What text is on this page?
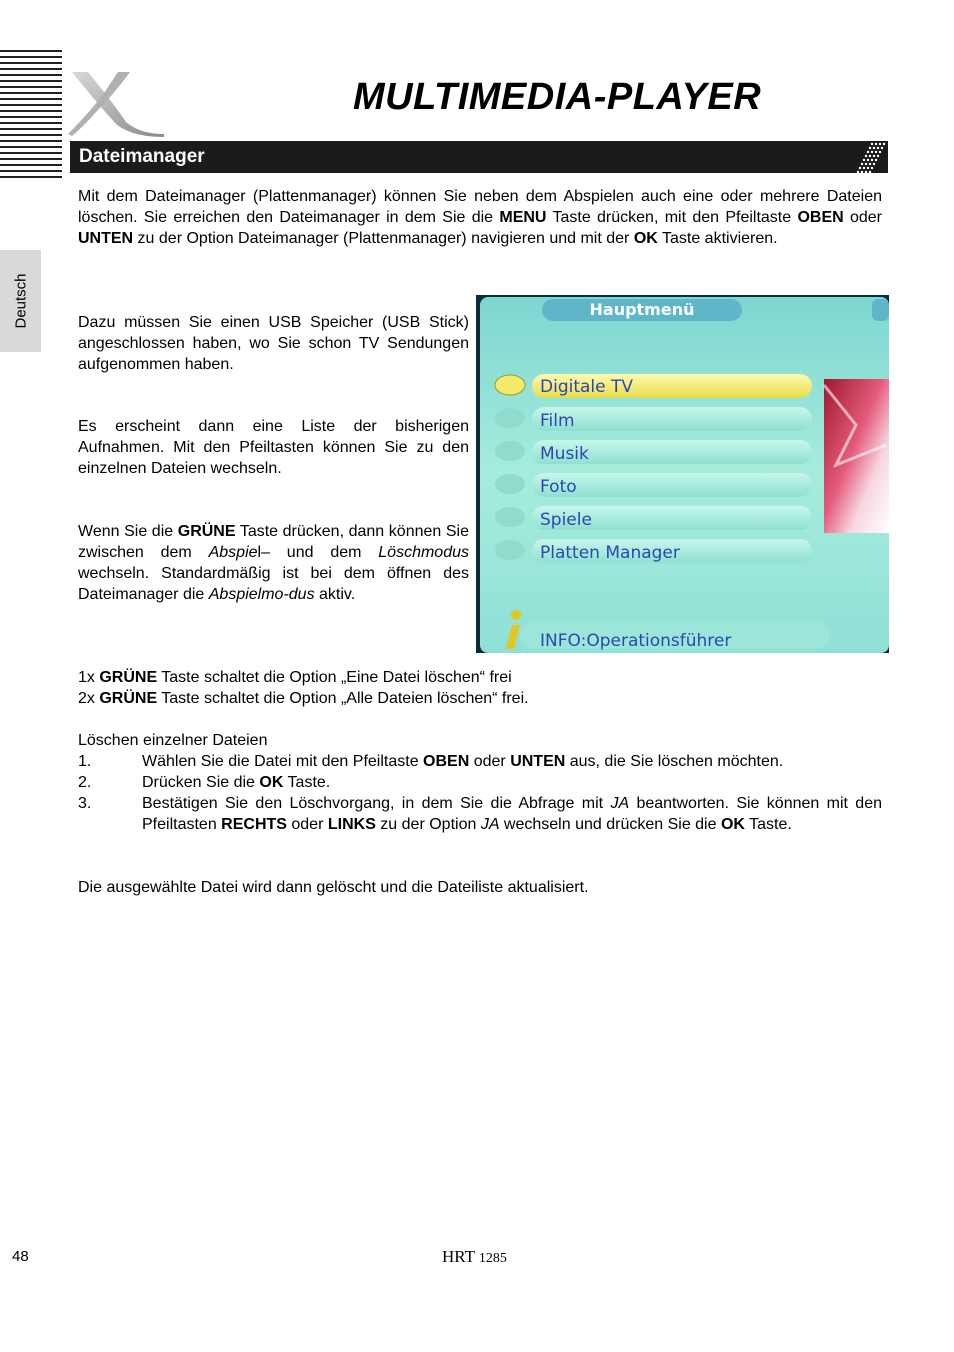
MULTIMEDIA-PLAYER
Dateimanager
Deutsch
Mit dem Dateimanager (Plattenmanager) können Sie neben dem Abspielen auch eine oder mehrere Dateien löschen. Sie erreichen den Dateimanager in dem Sie die MENU Taste drücken, mit den Pfeiltaste OBEN oder UNTEN zu der Option Dateimanager (Plattenmanager) navigieren und mit der OK Taste aktivieren.
Dazu müssen Sie einen USB Speicher (USB Stick) angeschlossen haben, wo Sie schon TV Sendungen aufgenommen haben.
Es erscheint dann eine Liste der bisherigen Aufnahmen. Mit den Pfeiltasten können Sie zu den einzelnen Dateien wechseln.
Wenn Sie die GRÜNE Taste drücken, dann können Sie zwischen dem Abspiel– und dem Löschmodus wechseln. Standardmäßig ist bei dem öffnen des Dateimanager die Abspielmo-dus aktiv.
Hauptmenü
Digitale TV
Film
Musik
Foto
Spiele
Platten Manager
INFO:Operationsführer
1x GRÜNE Taste schaltet die Option „Eine Datei löschen“ frei
2x GRÜNE Taste schaltet die Option „Alle Dateien löschen“ frei.
Löschen einzelner Dateien
1.	Wählen Sie die Datei mit den Pfeiltaste OBEN oder UNTEN aus, die Sie löschen möchten.
2.	Drücken Sie die OK Taste.
3.	Bestätigen Sie den Löschvorgang, in dem Sie die Abfrage mit JA beantworten. Sie können mit den Pfeiltasten RECHTS oder LINKS zu der Option JA wechseln und drücken Sie die OK Taste.
Die ausgewählte Datei wird dann gelöscht und die Dateiliste aktualisiert.
48	HRT 1285
